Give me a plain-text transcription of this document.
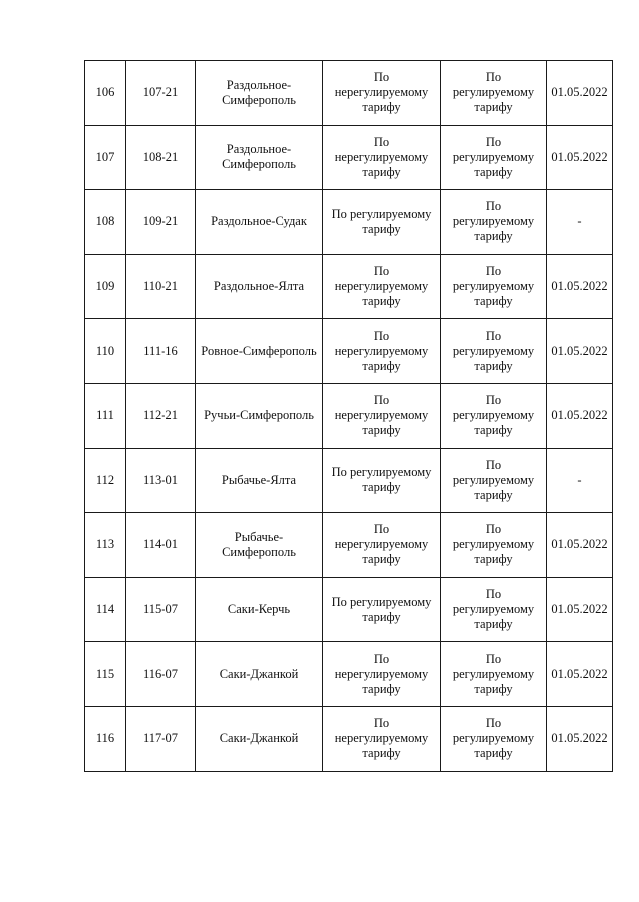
106	107-21	Раздольное-
Симферополь	По
нерегулируемому
тарифу	По
регулируемому
тарифу	01.05.2022
107	108-21	Раздольное-
Симферополь	По
нерегулируемому
тарифу	По
регулируемому
тарифу	01.05.2022
108	109-21	Раздольное-Судак	По регулируемому
тарифу	По
регулируемому
тарифу	-
109	110-21	Раздольное-Ялта	По
нерегулируемому
тарифу	По
регулируемому
тарифу	01.05.2022
110	111-16	Ровное-Симферополь	По
нерегулируемому
тарифу	По
регулируемому
тарифу	01.05.2022
111	112-21	Ручьи-Симферополь	По
нерегулируемому
тарифу	По
регулируемому
тарифу	01.05.2022
112	113-01	Рыбачье-Ялта	По регулируемому
тарифу	По
регулируемому
тарифу	-
113	114-01	Рыбачье-
Симферополь	По
нерегулируемому
тарифу	По
регулируемому
тарифу	01.05.2022
114	115-07	Саки-Керчь	По регулируемому
тарифу	По
регулируемому
тарифу	01.05.2022
115	116-07	Саки-Джанкой	По
нерегулируемому
тарифу	По
регулируемому
тарифу	01.05.2022
116	117-07	Саки-Джанкой	По
нерегулируемому
тарифу	По
регулируемому
тарифу	01.05.2022
